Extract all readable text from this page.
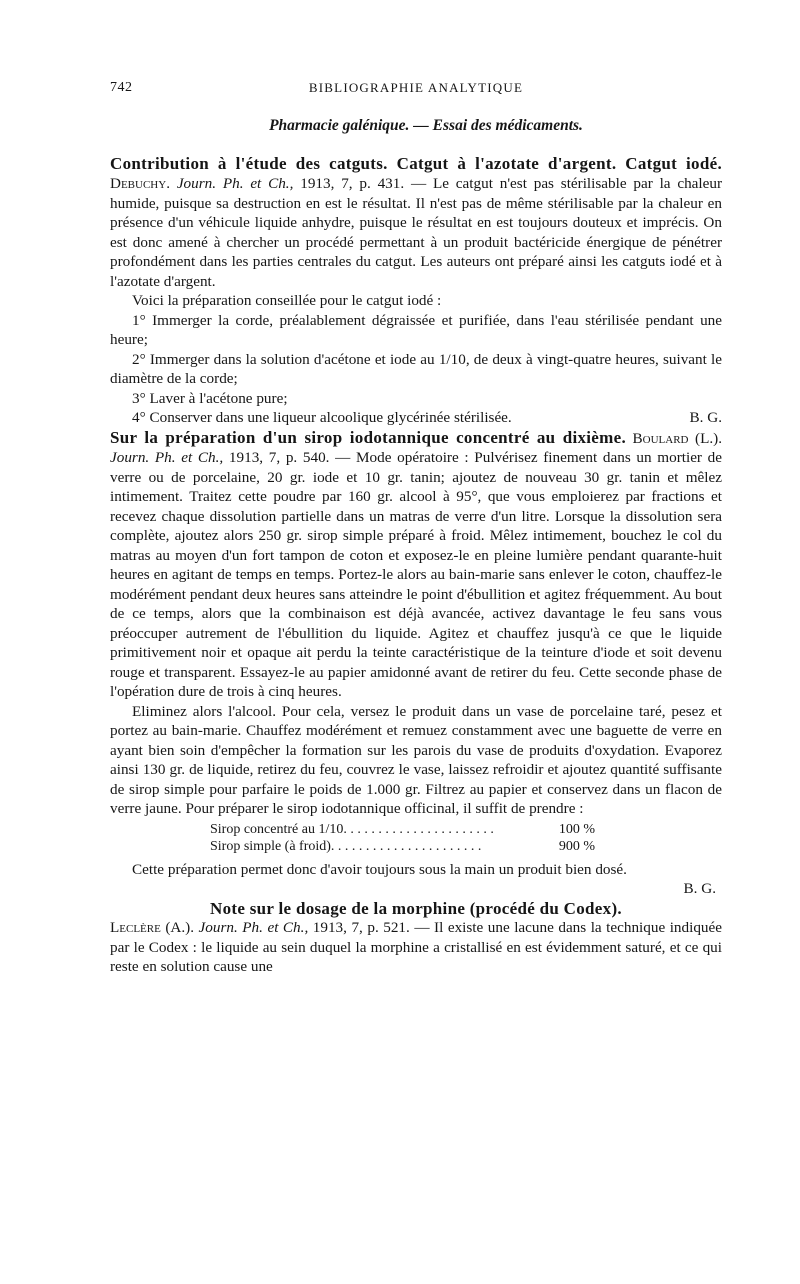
742	BIBLIOGRAPHIE ANALYTIQUE
Pharmacie galénique. — Essai des médicaments.

Contribution à l'étude des catguts. Catgut à l'azotate d'argent. Catgut iodé. Debuchy. Journ. Ph. et Ch., 1913, 7, p. 431. — Le catgut n'est pas stérilisable par la chaleur humide, puisque sa destruction en est le résultat. Il n'est pas de même stérilisable par la chaleur en présence d'un véhicule liquide anhydre, puisque le résultat en est toujours douteux et imprécis. On est donc amené à chercher un procédé permettant à un produit bactéricide énergique de pénétrer profondément dans les parties centrales du catgut. Les auteurs ont préparé ainsi les catguts iodé et à l'azotate d'argent.

Voici la préparation conseillée pour le catgut iodé :

1° Immerger la corde, préalablement dégraissée et purifiée, dans l'eau stérilisée pendant une heure;

2° Immerger dans la solution d'acétone et iode au 1/10, de deux à vingt-quatre heures, suivant le diamètre de la corde;

3° Laver à l'acétone pure;

4° Conserver dans une liqueur alcoolique glycérinée stérilisée.	B. G.

Sur la préparation d'un sirop iodotannique concentré au dixième. Boulard (L.). Journ. Ph. et Ch., 1913, 7, p. 540. — Mode opératoire : Pulvérisez finement dans un mortier de verre ou de porcelaine, 20 gr. iode et 10 gr. tanin; ajoutez de nouveau 30 gr. tanin et mêlez intimement. Traitez cette poudre par 160 gr. alcool à 95°, que vous emploierez par fractions et recevez chaque dissolution partielle dans un matras de verre d'un litre. Lorsque la dissolution sera complète, ajoutez alors 250 gr. sirop simple préparé à froid. Mêlez intimement, bouchez le col du matras au moyen d'un fort tampon de coton et exposez-le en pleine lumière pendant quarante-huit heures en agitant de temps en temps. Portez-le alors au bain-marie sans enlever le coton, chauffez-le modérément pendant deux heures sans atteindre le point d'ébullition et agitez fréquemment. Au bout de ce temps, alors que la combinaison est déjà avancée, activez davantage le feu sans vous préoccuper autrement de l'ébullition du liquide. Agitez et chauffez jusqu'à ce que le liquide primitivement noir et opaque ait perdu la teinte caractéristique de la teinture d'iode et soit devenu rouge et transparent. Essayez-le au papier amidonné avant de retirer du feu. Cette seconde phase de l'opération dure de trois à cinq heures.

Eliminez alors l'alcool. Pour cela, versez le produit dans un vase de porcelaine taré, pesez et portez au bain-marie. Chauffez modérément et remuez constamment avec une baguette de verre en ayant bien soin d'empêcher la formation sur les parois du vase de produits d'oxydation. Evaporez ainsi 130 gr. de liquide, retirez du feu, couvrez le vase, laissez refroidir et ajoutez quantité suffisante de sirop simple pour parfaire le poids de 1.000 gr. Filtrez au papier et conservez dans un flacon de verre jaune. Pour préparer le sirop iodotannique officinal, il suffit de prendre :

Sirop concentré au 1/10. . . . . . . . . . . . . . . . . . . . . .	100 %
Sirop simple (à froid). . . . . . . . . . . . . . . . . . . . . .	900 %

Cette préparation permet donc d'avoir toujours sous la main un produit bien dosé.

B. G.

Note sur le dosage de la morphine (procédé du Codex).

Leclère (A.). Journ. Ph. et Ch., 1913, 7, p. 521. — Il existe une lacune dans la technique indiquée par le Codex : le liquide au sein duquel la morphine a cristallisé en est évidemment saturé, et ce qui reste en solution cause une
